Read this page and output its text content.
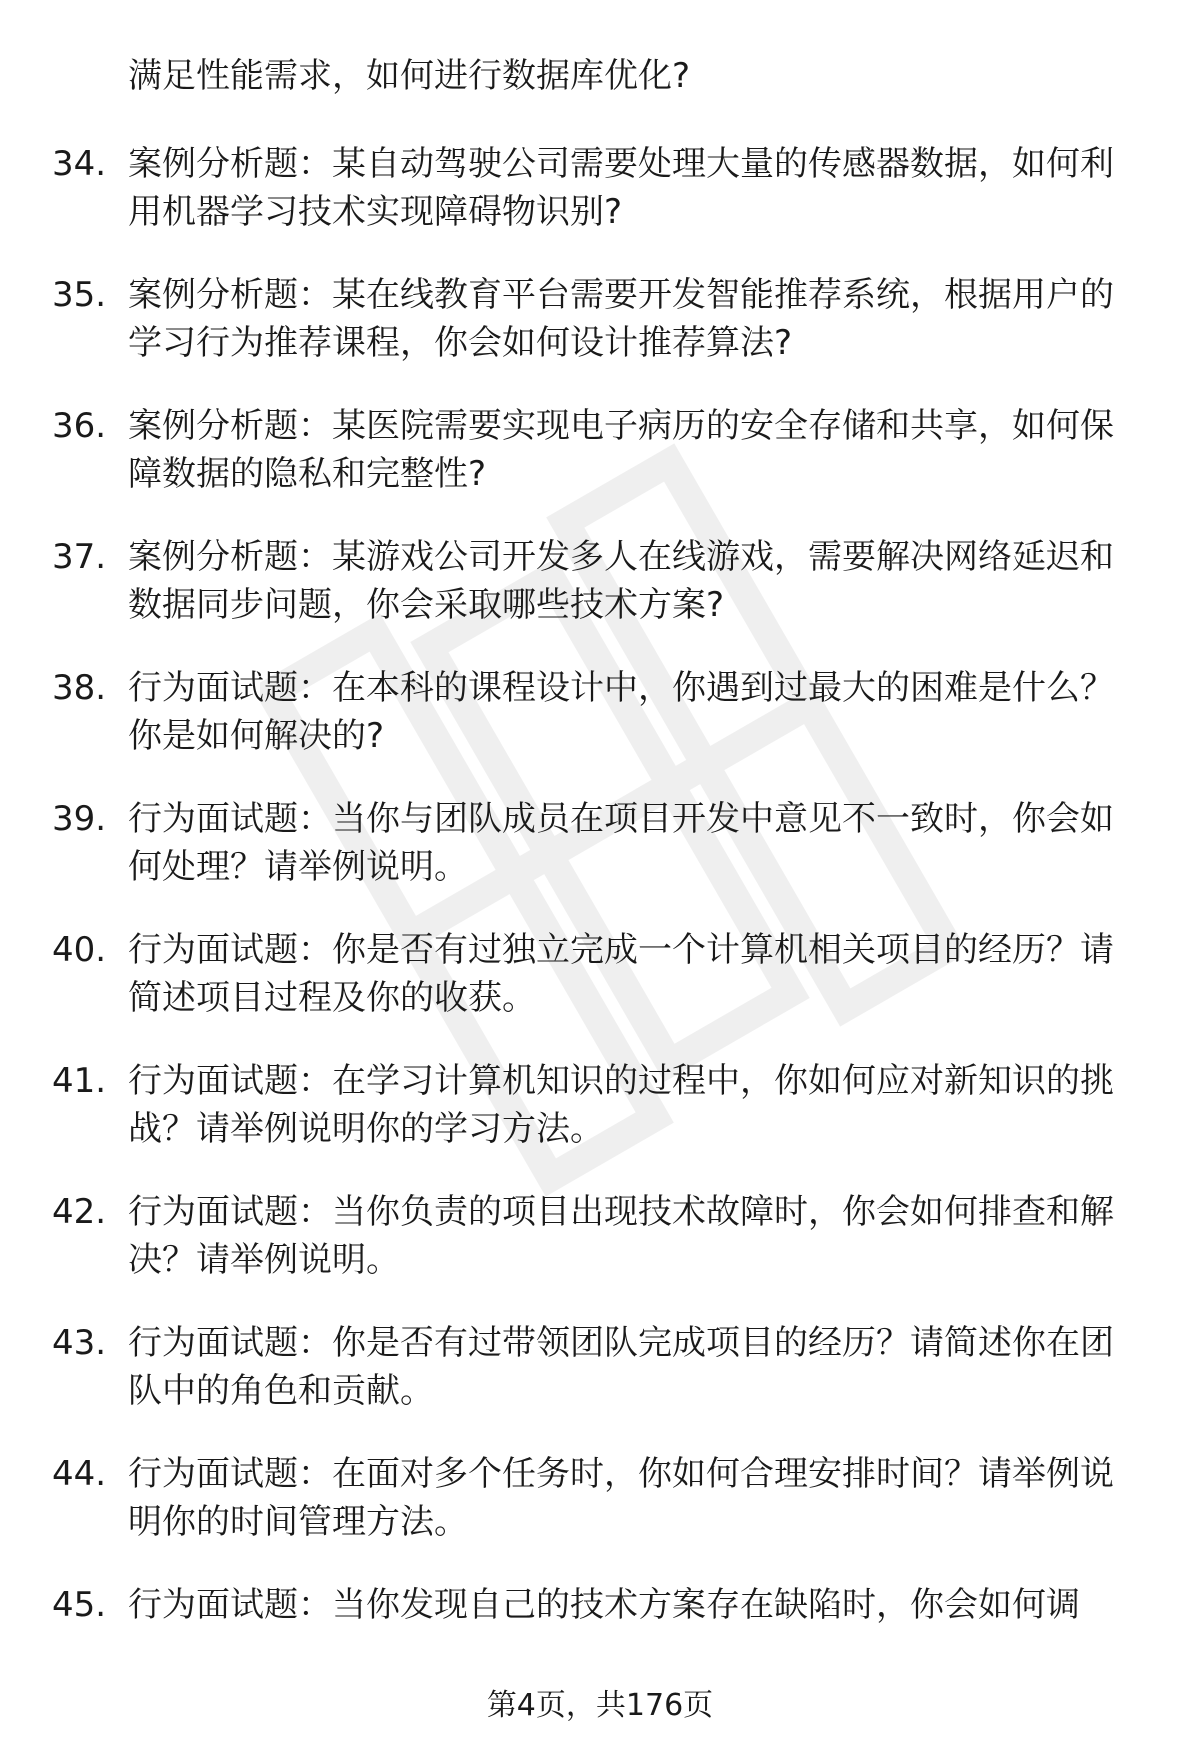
满足性能需求，如何进行数据库优化?
34. 案例分析题：某自动驾驶公司需要处理大量的传感器数据，如何利用机器学习技术实现障碍物识别?
35. 案例分析题：某在线教育平台需要开发智能推荐系统，根据用户的学习行为推荐课程，你会如何设计推荐算法?
36. 案例分析题：某医院需要实现电子病历的安全存储和共享，如何保障数据的隐私和完整性?
37. 案例分析题：某游戏公司开发多人在线游戏，需要解决网络延迟和数据同步问题，你会采取哪些技术方案?
38. 行为面试题：在本科的课程设计中，你遇到过最大的困难是什么？你是如何解决的?
39. 行为面试题：当你与团队成员在项目开发中意见不一致时，你会如何处理？请举例说明。
40. 行为面试题：你是否有过独立完成一个计算机相关项目的经历？请简述项目过程及你的收获。
41. 行为面试题：在学习计算机知识的过程中，你如何应对新知识的挑战？请举例说明你的学习方法。
42. 行为面试题：当你负责的项目出现技术故障时，你会如何排查和解决？请举例说明。
43. 行为面试题：你是否有过带领团队完成项目的经历？请简述你在团队中的角色和贡献。
44. 行为面试题：在面对多个任务时，你如何合理安排时间？请举例说明你的时间管理方法。
45. 行为面试题：当你发现自己的技术方案存在缺陷时，你会如何调
第4页，共176页
